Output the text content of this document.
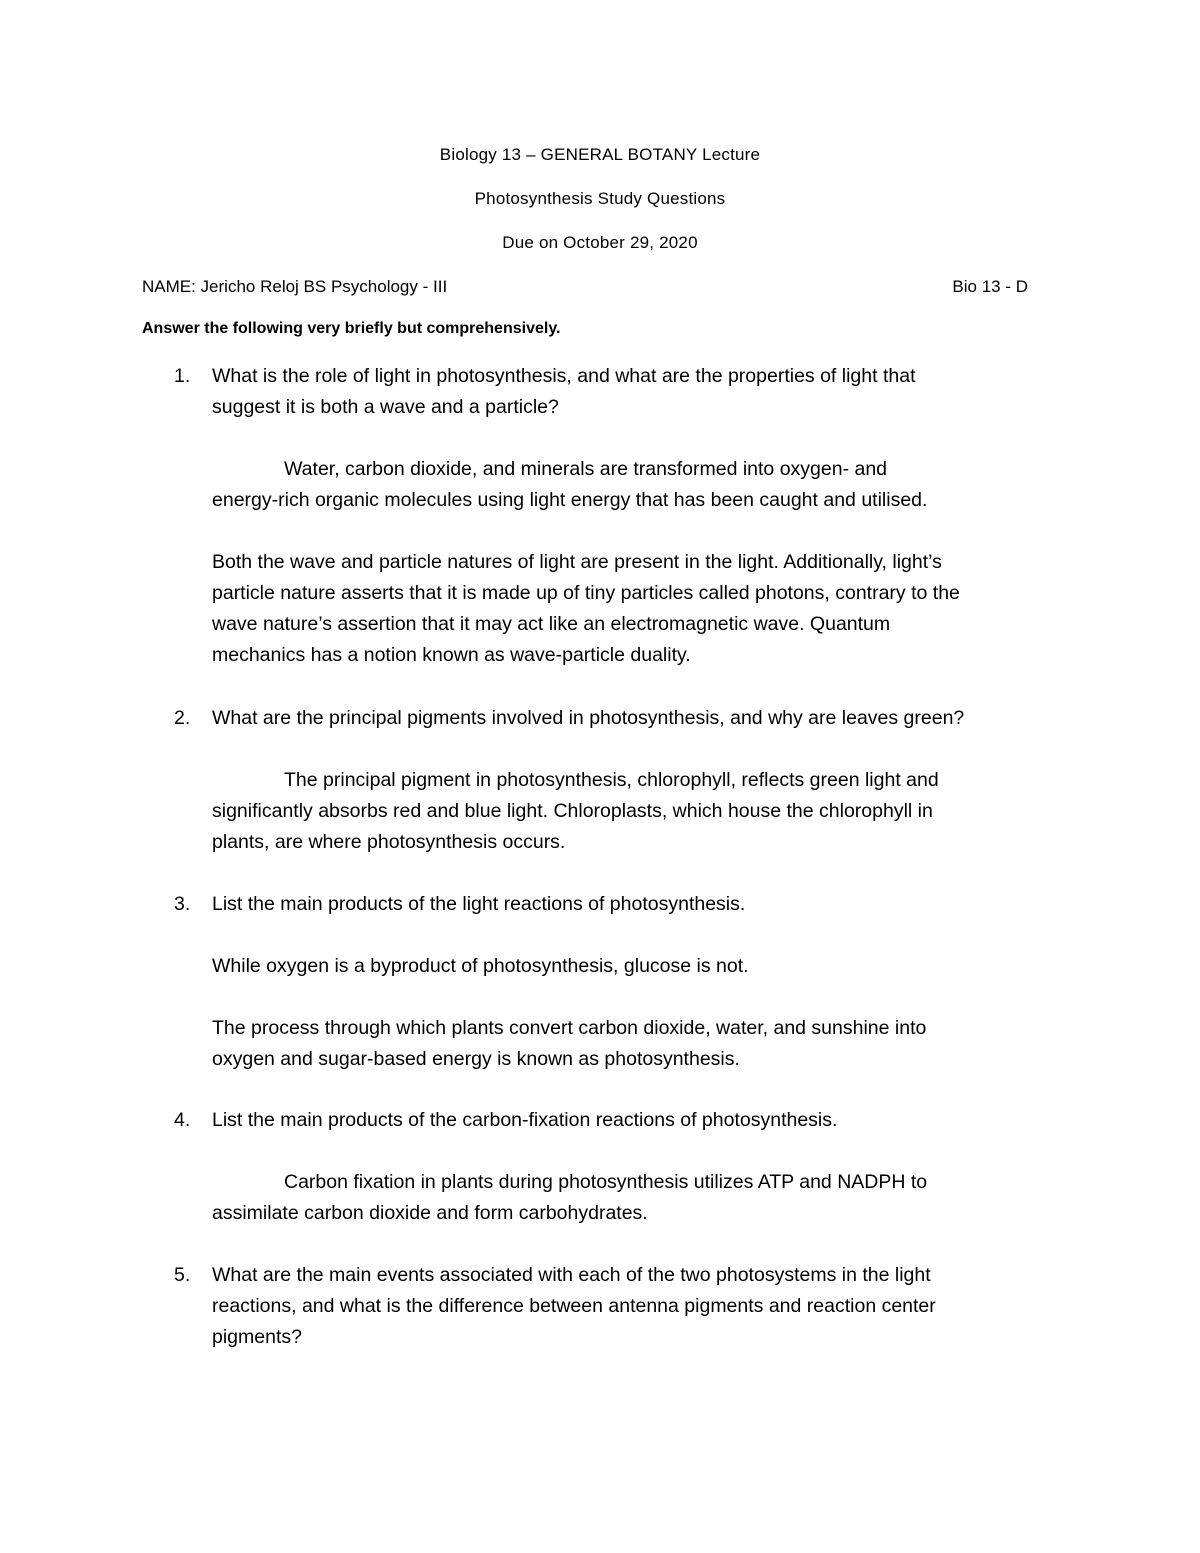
Biology 13 – GENERAL BOTANY Lecture
Photosynthesis Study Questions
Due on October 29, 2020
NAME: Jericho Reloj BS Psychology - III	Bio 13 - D
Answer the following very briefly but comprehensively.
1.	What is the role of light in photosynthesis, and what are the properties of light that
suggest it is both a wave and a particle?
Water, carbon dioxide, and minerals are transformed into oxygen- and
energy-rich organic molecules using light energy that has been caught and utilised.
Both the wave and particle natures of light are present in the light. Additionally, light’s
particle nature asserts that it is made up of tiny particles called photons, contrary to the
wave nature’s assertion that it may act like an electromagnetic wave. Quantum
mechanics has a notion known as wave-particle duality.
2.	What are the principal pigments involved in photosynthesis, and why are leaves green?
The principal pigment in photosynthesis, chlorophyll, reflects green light and
significantly absorbs red and blue light. Chloroplasts, which house the chlorophyll in
plants, are where photosynthesis occurs.
3.	List the main products of the light reactions of photosynthesis.
While oxygen is a byproduct of photosynthesis, glucose is not.
The process through which plants convert carbon dioxide, water, and sunshine into
oxygen and sugar-based energy is known as photosynthesis.
4.	List the main products of the carbon-fixation reactions of photosynthesis.
Carbon fixation in plants during photosynthesis utilizes ATP and NADPH to
assimilate carbon dioxide and form carbohydrates.
5.	What are the main events associated with each of the two photosystems in the light
reactions, and what is the difference between antenna pigments and reaction center
pigments?
